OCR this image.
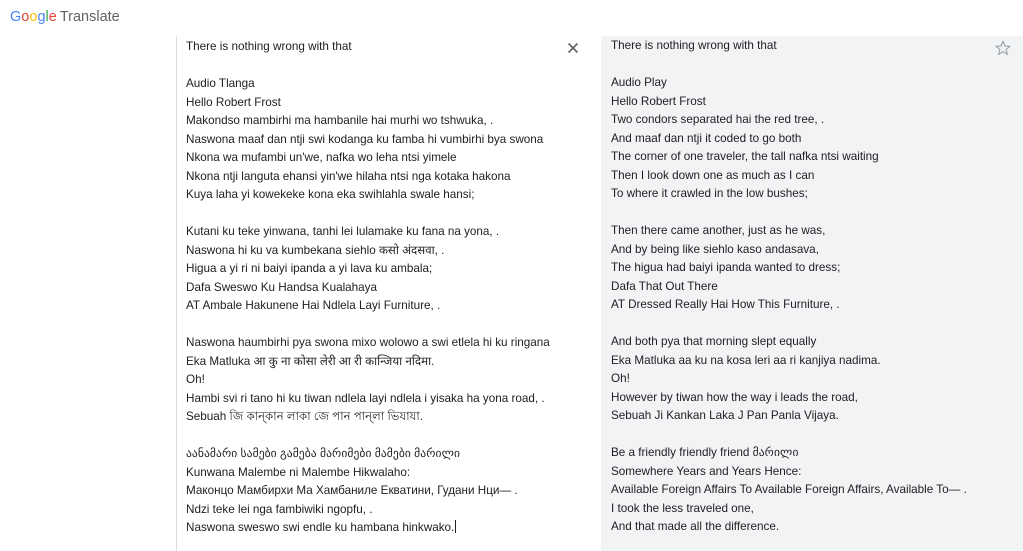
Google Translate
There is nothing wrong with that
Audio Tlanga
Hello Robert Frost
Makondso mambirhi ma hambanile hai murhi wo tshwuka, .
Naswona maaf dan ntji swi kodanga ku famba hi vumbirhi bya swona
Nkona wa mufambi un'we, nafka wo leha ntsi yimele
Nkona ntji languta ehansi yin'we hilaha ntsi nga kotaka hakona
Kuya laha yi kowekeke kona eka swihlahla swale hansi;
Kutani ku teke yinwana, tanhi lei lulamake ku fana na yona, .
Naswona hi ku va kumbekana siehlo कसो अंदसवा, .
Higua a yi ri ni baiyi ipanda a yi lava ku ambala;
Dafa Sweswo Ku Handsa Kualahaya
AT Ambale Hakunene Hai Ndlela Layi Furniture, .
Naswona haumbirhi pya swona mixo wolowo a swi etlela hi ku ringana
Eka Matluka आ कु ना कोसा लेरी आ री कान्जिया नदिमा.
Oh!
Hambi svi ri tano hi ku tiwan ndlela layi ndlela i yisaka ha yona road, .
Sebuah জি কান্কান লাকা জে পান পান্লা ভিযাযা.
აანამარი სამები გამება მარიმები მამები მარილი
Kunwana Malembe ni Malembe Hikwalaho:
Маконцо Мамбирхи Ма Хамбаниле Екватини, Гудани Нци— .
Ndzi teke lei nga fambiwiki ngopfu, .
Naswona sweswo swi endle ku hambana hinkwako.
There is nothing wrong with that
Audio Play
Hello Robert Frost
Two condors separated hai the red tree, .
And maaf dan ntji it coded to go both
The corner of one traveler, the tall nafka ntsi waiting
Then I look down one as much as I can
To where it crawled in the low bushes;
Then there came another, just as he was,
And by being like siehlo kaso andasava,
The higua had baiyi ipanda wanted to dress;
Dafa That Out There
AT Dressed Really Hai How This Furniture, .
And both pya that morning slept equally
Eka Matluka aa ku na kosa leri aa ri kanjiya nadima.
Oh!
However by tiwan how the way i leads the road,
Sebuah Ji Kankan Laka J Pan Panla Vijaya.
Be a friendly friendly friend მარილი
Somewhere Years and Years Hence:
Available Foreign Affairs To Available Foreign Affairs, Available To— .
I took the less traveled one,
And that made all the difference.
